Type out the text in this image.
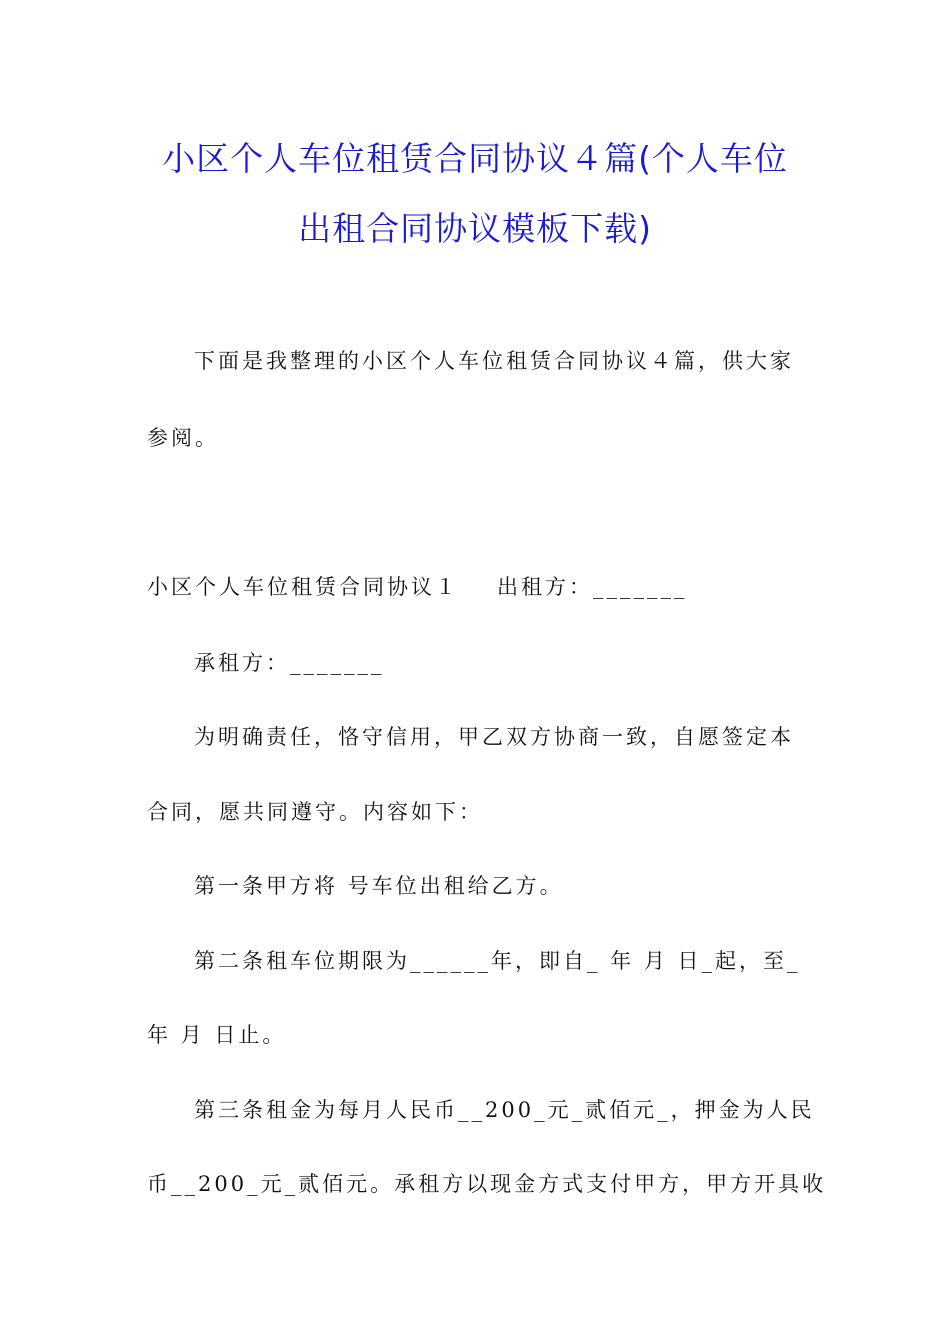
小区个人车位租赁合同协议４篇(个人车位
出租合同协议模板下载)
下面是我整理的小区个人车位租赁合同协议４篇，供大家
参阅。
小区个人车位租赁合同协议１ 出租方：_______
承租方：_______
为明确责任，恪守信用，甲乙双方协商一致，自愿签定本
合同，愿共同遵守。内容如下：
第一条甲方将 号车位出租给乙方。
第二条租车位期限为______年，即自_ 年 月 日_起，至_
年 月 日止。
第三条租金为每月人民币__200_元_贰佰元_，押金为人民
币__200_元_贰佰元。承租方以现金方式支付甲方，甲方开具收
